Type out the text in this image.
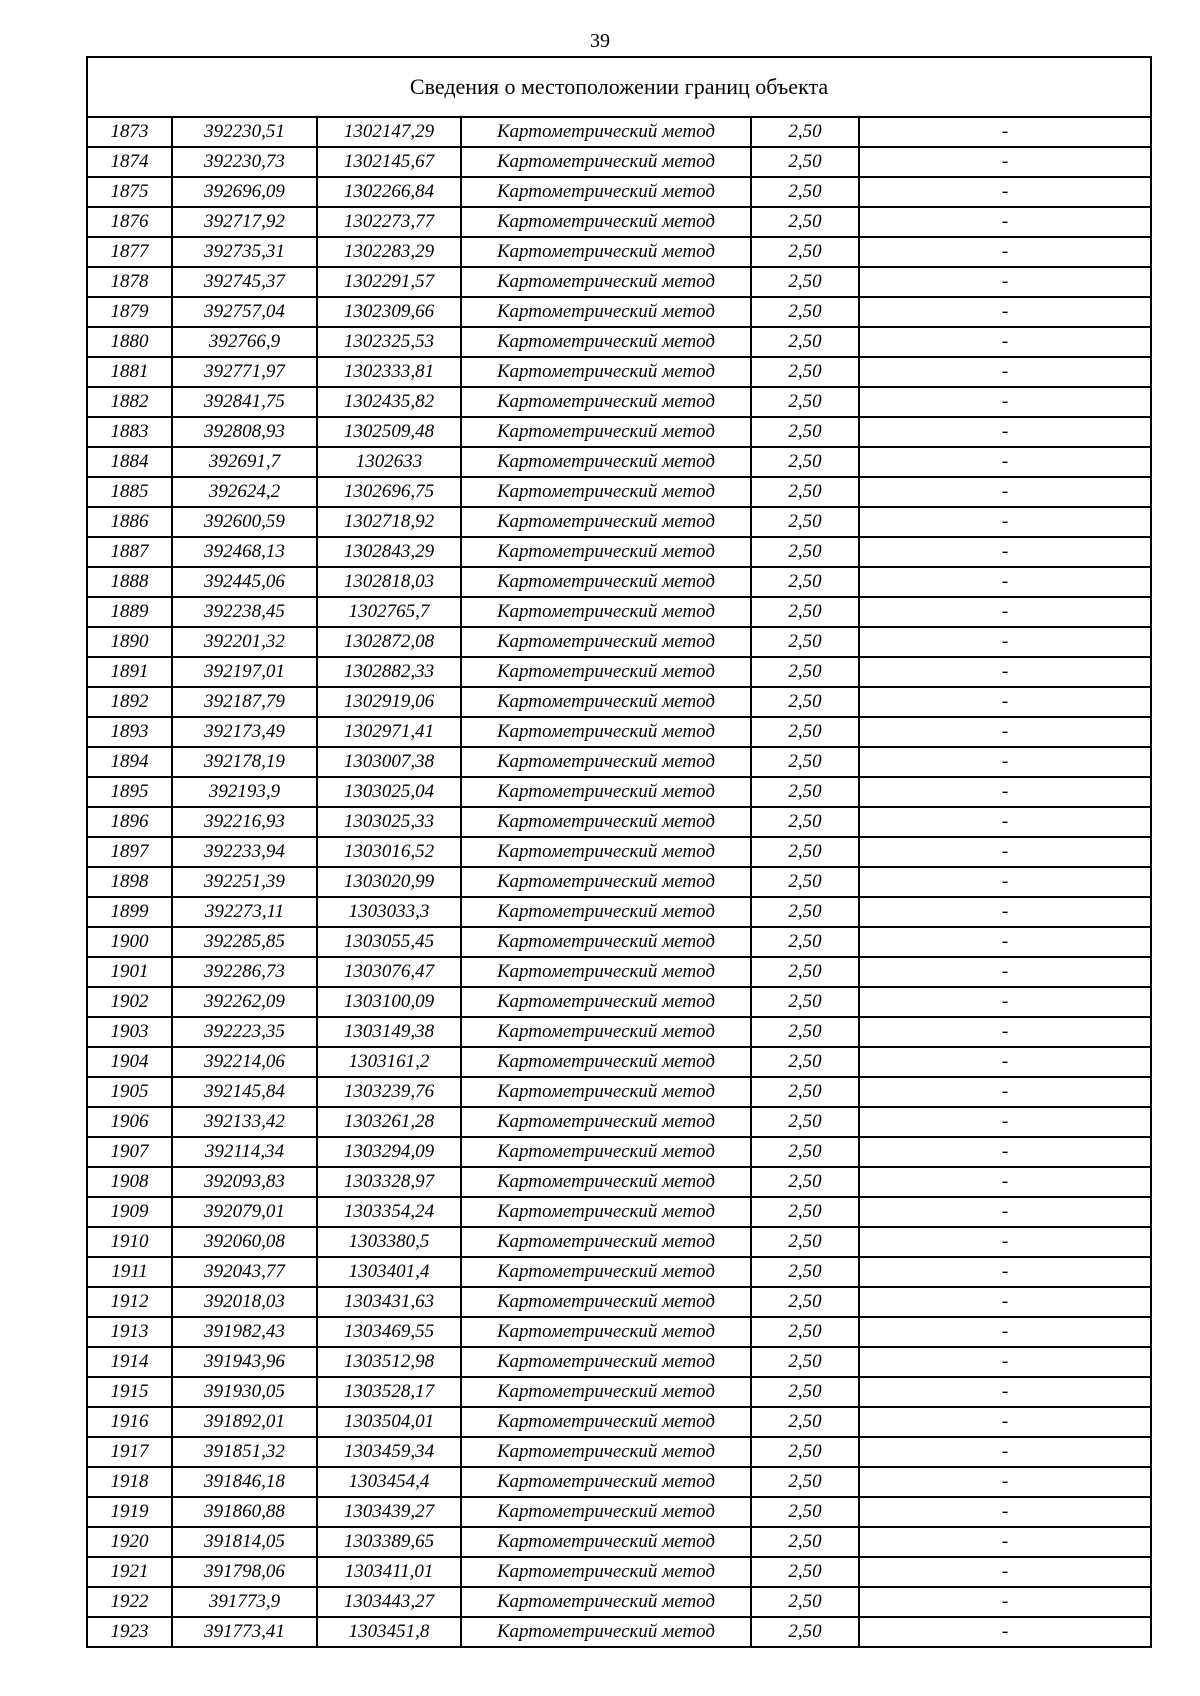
39
Сведения о местоположении границ объекта					
1873	392230,51	1302147,29	Картометрический метод	2,50	-
1874	392230,73	1302145,67	Картометрический метод	2,50	-
1875	392696,09	1302266,84	Картометрический метод	2,50	-
1876	392717,92	1302273,77	Картометрический метод	2,50	-
1877	392735,31	1302283,29	Картометрический метод	2,50	-
1878	392745,37	1302291,57	Картометрический метод	2,50	-
1879	392757,04	1302309,66	Картометрический метод	2,50	-
1880	392766,9	1302325,53	Картометрический метод	2,50	-
1881	392771,97	1302333,81	Картометрический метод	2,50	-
1882	392841,75	1302435,82	Картометрический метод	2,50	-
1883	392808,93	1302509,48	Картометрический метод	2,50	-
1884	392691,7	1302633	Картометрический метод	2,50	-
1885	392624,2	1302696,75	Картометрический метод	2,50	-
1886	392600,59	1302718,92	Картометрический метод	2,50	-
1887	392468,13	1302843,29	Картометрический метод	2,50	-
1888	392445,06	1302818,03	Картометрический метод	2,50	-
1889	392238,45	1302765,7	Картометрический метод	2,50	-
1890	392201,32	1302872,08	Картометрический метод	2,50	-
1891	392197,01	1302882,33	Картометрический метод	2,50	-
1892	392187,79	1302919,06	Картометрический метод	2,50	-
1893	392173,49	1302971,41	Картометрический метод	2,50	-
1894	392178,19	1303007,38	Картометрический метод	2,50	-
1895	392193,9	1303025,04	Картометрический метод	2,50	-
1896	392216,93	1303025,33	Картометрический метод	2,50	-
1897	392233,94	1303016,52	Картометрический метод	2,50	-
1898	392251,39	1303020,99	Картометрический метод	2,50	-
1899	392273,11	1303033,3	Картометрический метод	2,50	-
1900	392285,85	1303055,45	Картометрический метод	2,50	-
1901	392286,73	1303076,47	Картометрический метод	2,50	-
1902	392262,09	1303100,09	Картометрический метод	2,50	-
1903	392223,35	1303149,38	Картометрический метод	2,50	-
1904	392214,06	1303161,2	Картометрический метод	2,50	-
1905	392145,84	1303239,76	Картометрический метод	2,50	-
1906	392133,42	1303261,28	Картометрический метод	2,50	-
1907	392114,34	1303294,09	Картометрический метод	2,50	-
1908	392093,83	1303328,97	Картометрический метод	2,50	-
1909	392079,01	1303354,24	Картометрический метод	2,50	-
1910	392060,08	1303380,5	Картометрический метод	2,50	-
1911	392043,77	1303401,4	Картометрический метод	2,50	-
1912	392018,03	1303431,63	Картометрический метод	2,50	-
1913	391982,43	1303469,55	Картометрический метод	2,50	-
1914	391943,96	1303512,98	Картометрический метод	2,50	-
1915	391930,05	1303528,17	Картометрический метод	2,50	-
1916	391892,01	1303504,01	Картометрический метод	2,50	-
1917	391851,32	1303459,34	Картометрический метод	2,50	-
1918	391846,18	1303454,4	Картометрический метод	2,50	-
1919	391860,88	1303439,27	Картометрический метод	2,50	-
1920	391814,05	1303389,65	Картометрический метод	2,50	-
1921	391798,06	1303411,01	Картометрический метод	2,50	-
1922	391773,9	1303443,27	Картометрический метод	2,50	-
1923	391773,41	1303451,8	Картометрический метод	2,50	-
